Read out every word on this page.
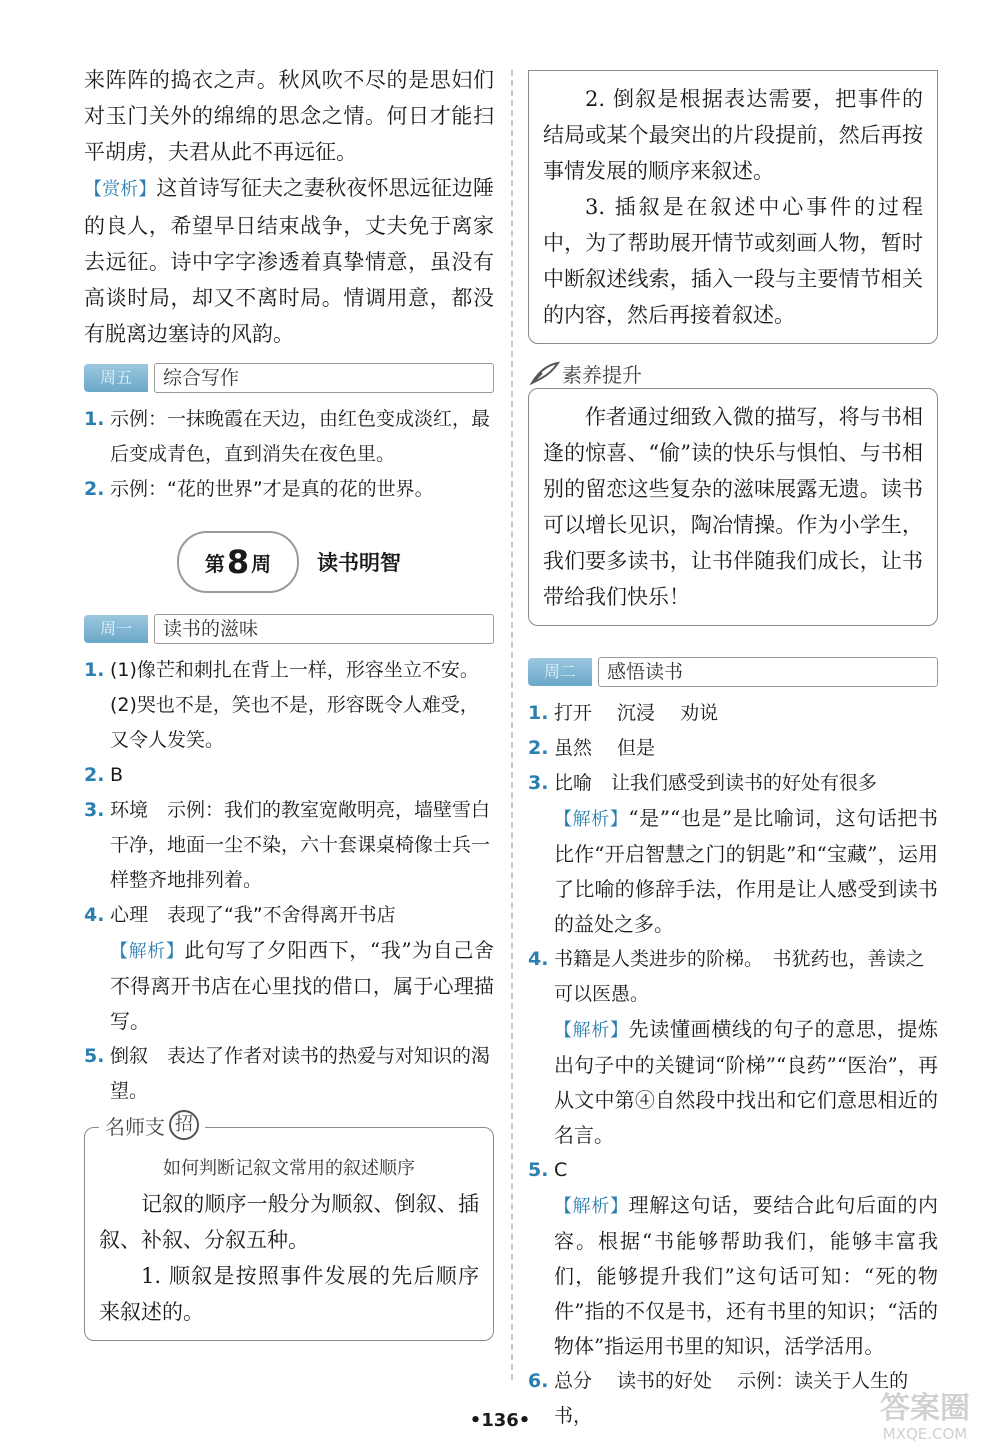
来阵阵的捣衣之声。秋风吹不尽的是思妇们对玉门关外的绵绵的思念之情。何日才能扫平胡虏，夫君从此不再远征。

【赏析】这首诗写征夫之妻秋夜怀思远征边陲的良人，希望早日结束战争，丈夫免于离家去远征。诗中字字渗透着真挚情意，虽没有高谈时局，却又不离时局。情调用意，都没有脱离边塞诗的风韵。

周五	综合写作
1. 示例：一抹晚霞在天边，由红色变成淡红，最后变成青色，直到消失在夜色里。
2. 示例：“花的世界”才是真的花的世界。
第 8 周 读书明智
周一	读书的滋味
1. (1)像芒和刺扎在背上一样，形容坐立不安。
(2)哭也不是，笑也不是，形容既令人难受，又令人发笑。
2. B
3. 环境　示例：我们的教室宽敞明亮，墙壁雪白干净，地面一尘不染，六十套课桌椅像士兵一样整齐地排列着。
4. 心理　表现了“我”不舍得离开书店

【解析】此句写了夕阳西下，“我”为自己舍不得离开书店在心里找的借口，属于心理描写。

5. 倒叙　表达了作者对读书的热爱与对知识的渴望。
名师支 招
如何判断记叙文常用的叙述顺序

记叙的顺序一般分为顺叙、倒叙、插叙、补叙、分叙五种。

1. 顺叙是按照事件发展的先后顺序来叙述的。

2. 倒叙是根据表达需要，把事件的结局或某个最突出的片段提前，然后再按事情发展的顺序来叙述。

3. 插叙是在叙述中心事件的过程中，为了帮助展开情节或刻画人物，暂时中断叙述线索，插入一段与主要情节相关的内容，然后再接着叙述。

素养提升

作者通过细致入微的描写，将与书相逢的惊喜、“偷”读的快乐与惧怕、与书相别的留恋这些复杂的滋味展露无遗。读书可以增长见识，陶冶情操。作为小学生，我们要多读书，让书伴随我们成长，让书带给我们快乐！

周二	感悟读书
1. 打开　 沉浸　 劝说
2. 虽然　 但是
3. 比喻　让我们感受到读书的好处有很多

【解析】“是”“也是”是比喻词，这句话把书比作“开启智慧之门的钥匙”和“宝藏”，运用了比喻的修辞手法，作用是让人感受到读书的益处之多。

4. 书籍是人类进步的阶梯。　书犹药也，善读之可以医愚。

【解析】先读懂画横线的句子的意思，提炼出句子中的关键词“阶梯”“良药”“医治”，再从文中第④自然段中找出和它们意思相近的名言。

5. C

【解析】理解这句话，要结合此句后面的内容。根据“书能够帮助我们，能够丰富我们，能够提升我们”这句话可知：“死的物件”指的不仅是书，还有书里的知识；“活的物体”指运用书里的知识，活学活用。

6. 总分　 读书的好处　 示例：读关于人生的书，
•136•	答案圈
MXQE.COM
